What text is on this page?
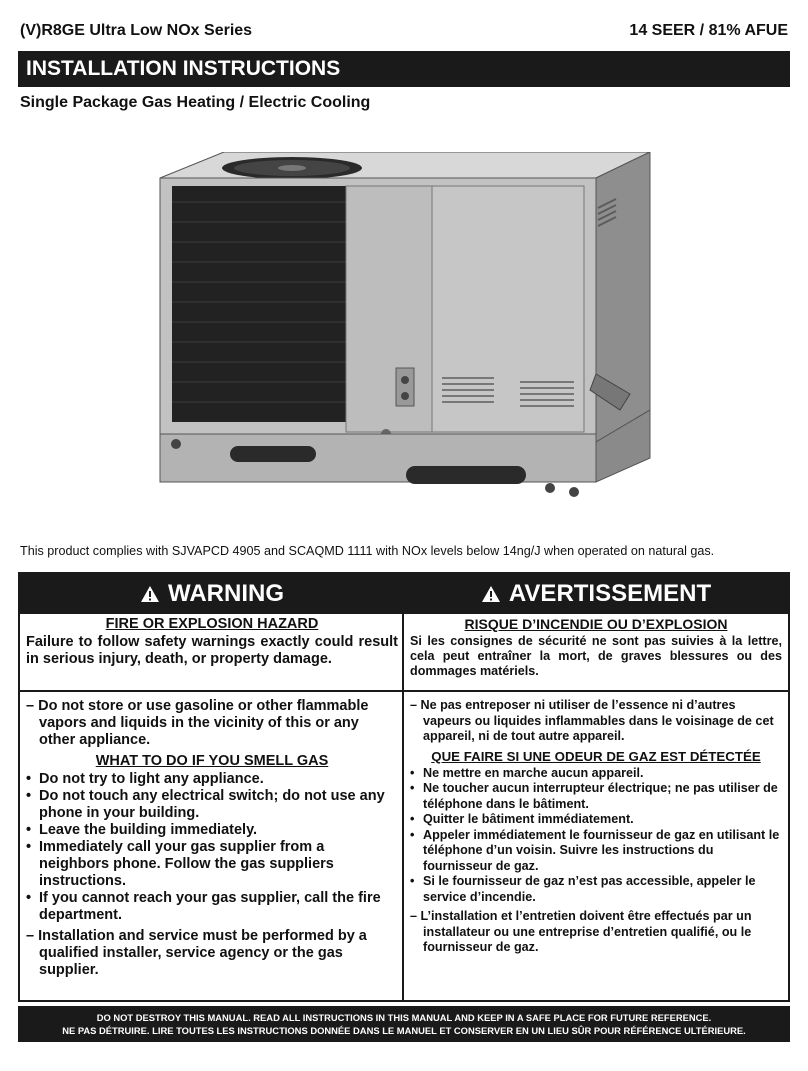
(V)R8GE Ultra Low NOx Series	14 SEER / 81% AFUE
INSTALLATION INSTRUCTIONS
Single Package Gas Heating / Electric Cooling
This product complies with SJVAPCD 4905 and SCAQMD 1111 with NOx levels below 14ng/J when operated on natural gas.
WARNING	AVERTISSEMENT
FIRE OR EXPLOSION HAZARD

Failure to follow safety warnings exactly could result in serious injury, death, or property damage.

– Do not store or use gasoline or other flammable vapors and liquids in the vicinity of this or any other appliance.

WHAT TO DO IF YOU SMELL GAS
• Do not try to light any appliance.
• Do not touch any electrical switch; do not use any phone in your building.
• Leave the building immediately.
• Immediately call your gas supplier from a neighbors phone. Follow the gas suppliers instructions.
• If you cannot reach your gas supplier, call the fire department.

– Installation and service must be performed by a qualified installer, service agency or the gas supplier.

RISQUE D’INCENDIE OU D’EXPLOSION

Si les consignes de sécurité ne sont pas suivies à la lettre, cela peut entraîner la mort, de graves blessures ou des dommages matériels.

– Ne pas entreposer ni utiliser de l’essence ni d’autres vapeurs ou liquides inflammables dans le voisinage de cet appareil, ni de tout autre appareil.

QUE FAIRE SI UNE ODEUR DE GAZ EST DÉTECTÉE
• Ne mettre en marche aucun appareil.
• Ne toucher aucun interrupteur électrique; ne pas utiliser de téléphone dans le bâtiment.
• Quitter le bâtiment immédiatement.
• Appeler immédiatement le fournisseur de gaz en utilisant le téléphone d’un voisin. Suivre les instructions du fournisseur de gaz.
• Si le fournisseur de gaz n’est pas accessible, appeler le service d’incendie.

– L’installation et l’entretien doivent être effectués par un installateur ou une entreprise d’entretien qualifié, ou le fournisseur de gaz.

DO NOT DESTROY THIS MANUAL. READ ALL INSTRUCTIONS IN THIS MANUAL AND KEEP IN A SAFE PLACE FOR FUTURE REFERENCE.
NE PAS DÉTRUIRE. LIRE TOUTES LES INSTRUCTIONS DONNÉE DANS LE MANUEL ET CONSERVER EN UN LIEU SÛR POUR RÉFÉRENCE ULTÉRIEURE.
